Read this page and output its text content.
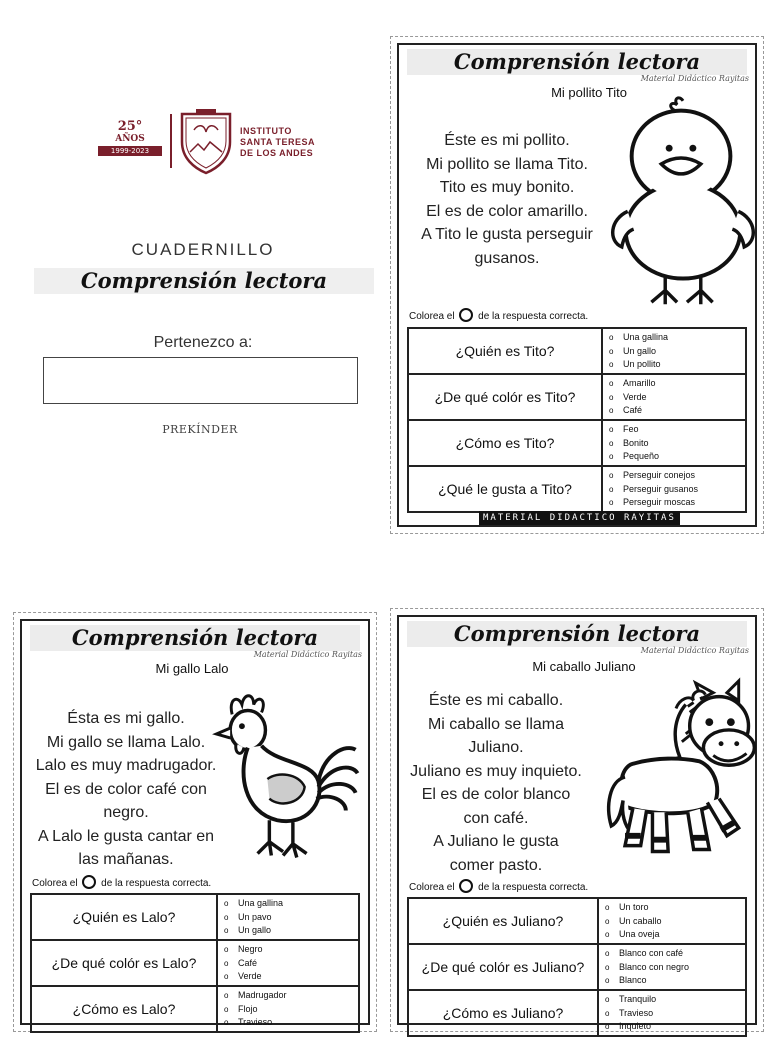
25°
AÑOS
1999-2023
INSTITUTO
SANTA TERESA
DE LOS ANDES
CUADERNILLO
Comprensión lectora
Pertenezco a:
PREKÍNDER
Comprensión lectora
Material Didáctico Rayitas
Mi pollito Tito
Éste es mi pollito.
Mi pollito se llama Tito.
Tito es muy bonito.
El es de color amarillo.
A Tito le gusta perseguir
gusanos.
Colorea el de la respuesta correcta.
¿Quién es Tito?
o Una gallina
o Un gallo
o Un pollito
¿De qué colór es Tito?
o Amarillo
o Verde
o Café
¿Cómo es Tito?
o Feo
o Bonito
o Pequeño
¿Qué le gusta a Tito?
o Perseguir conejos
o Perseguir gusanos
o Perseguir moscas
MATERIAL DIDACTICO RAYITAS
Comprensión lectora
Material Didáctico Rayitas
Mi gallo Lalo
Ésta es mi gallo.
Mi gallo se llama Lalo.
Lalo es muy madrugador.
El es de color café con
negro.
A Lalo le gusta cantar en
las mañanas.
Colorea el de la respuesta correcta.
¿Quién es Lalo?
o Una gallina
o Un pavo
o Un gallo
¿De qué colór es Lalo?
o Negro
o Café
o Verde
¿Cómo es Lalo?
o Madrugador
o Flojo
o Travieso
Comprensión lectora
Material Didáctico Rayitas
Mi caballo Juliano
Éste es mi caballo.
Mi caballo se llama
Juliano.
Juliano es muy inquieto.
El es de color blanco
con café.
A Juliano le gusta
comer pasto.
Colorea el de la respuesta correcta.
¿Quién es Juliano?
o Un toro
o Un caballo
o Una oveja
¿De qué colór es Juliano?
o Blanco con café
o Blanco con negro
o Blanco
¿Cómo es Juliano?
o Tranquilo
o Travieso
o Inquieto
